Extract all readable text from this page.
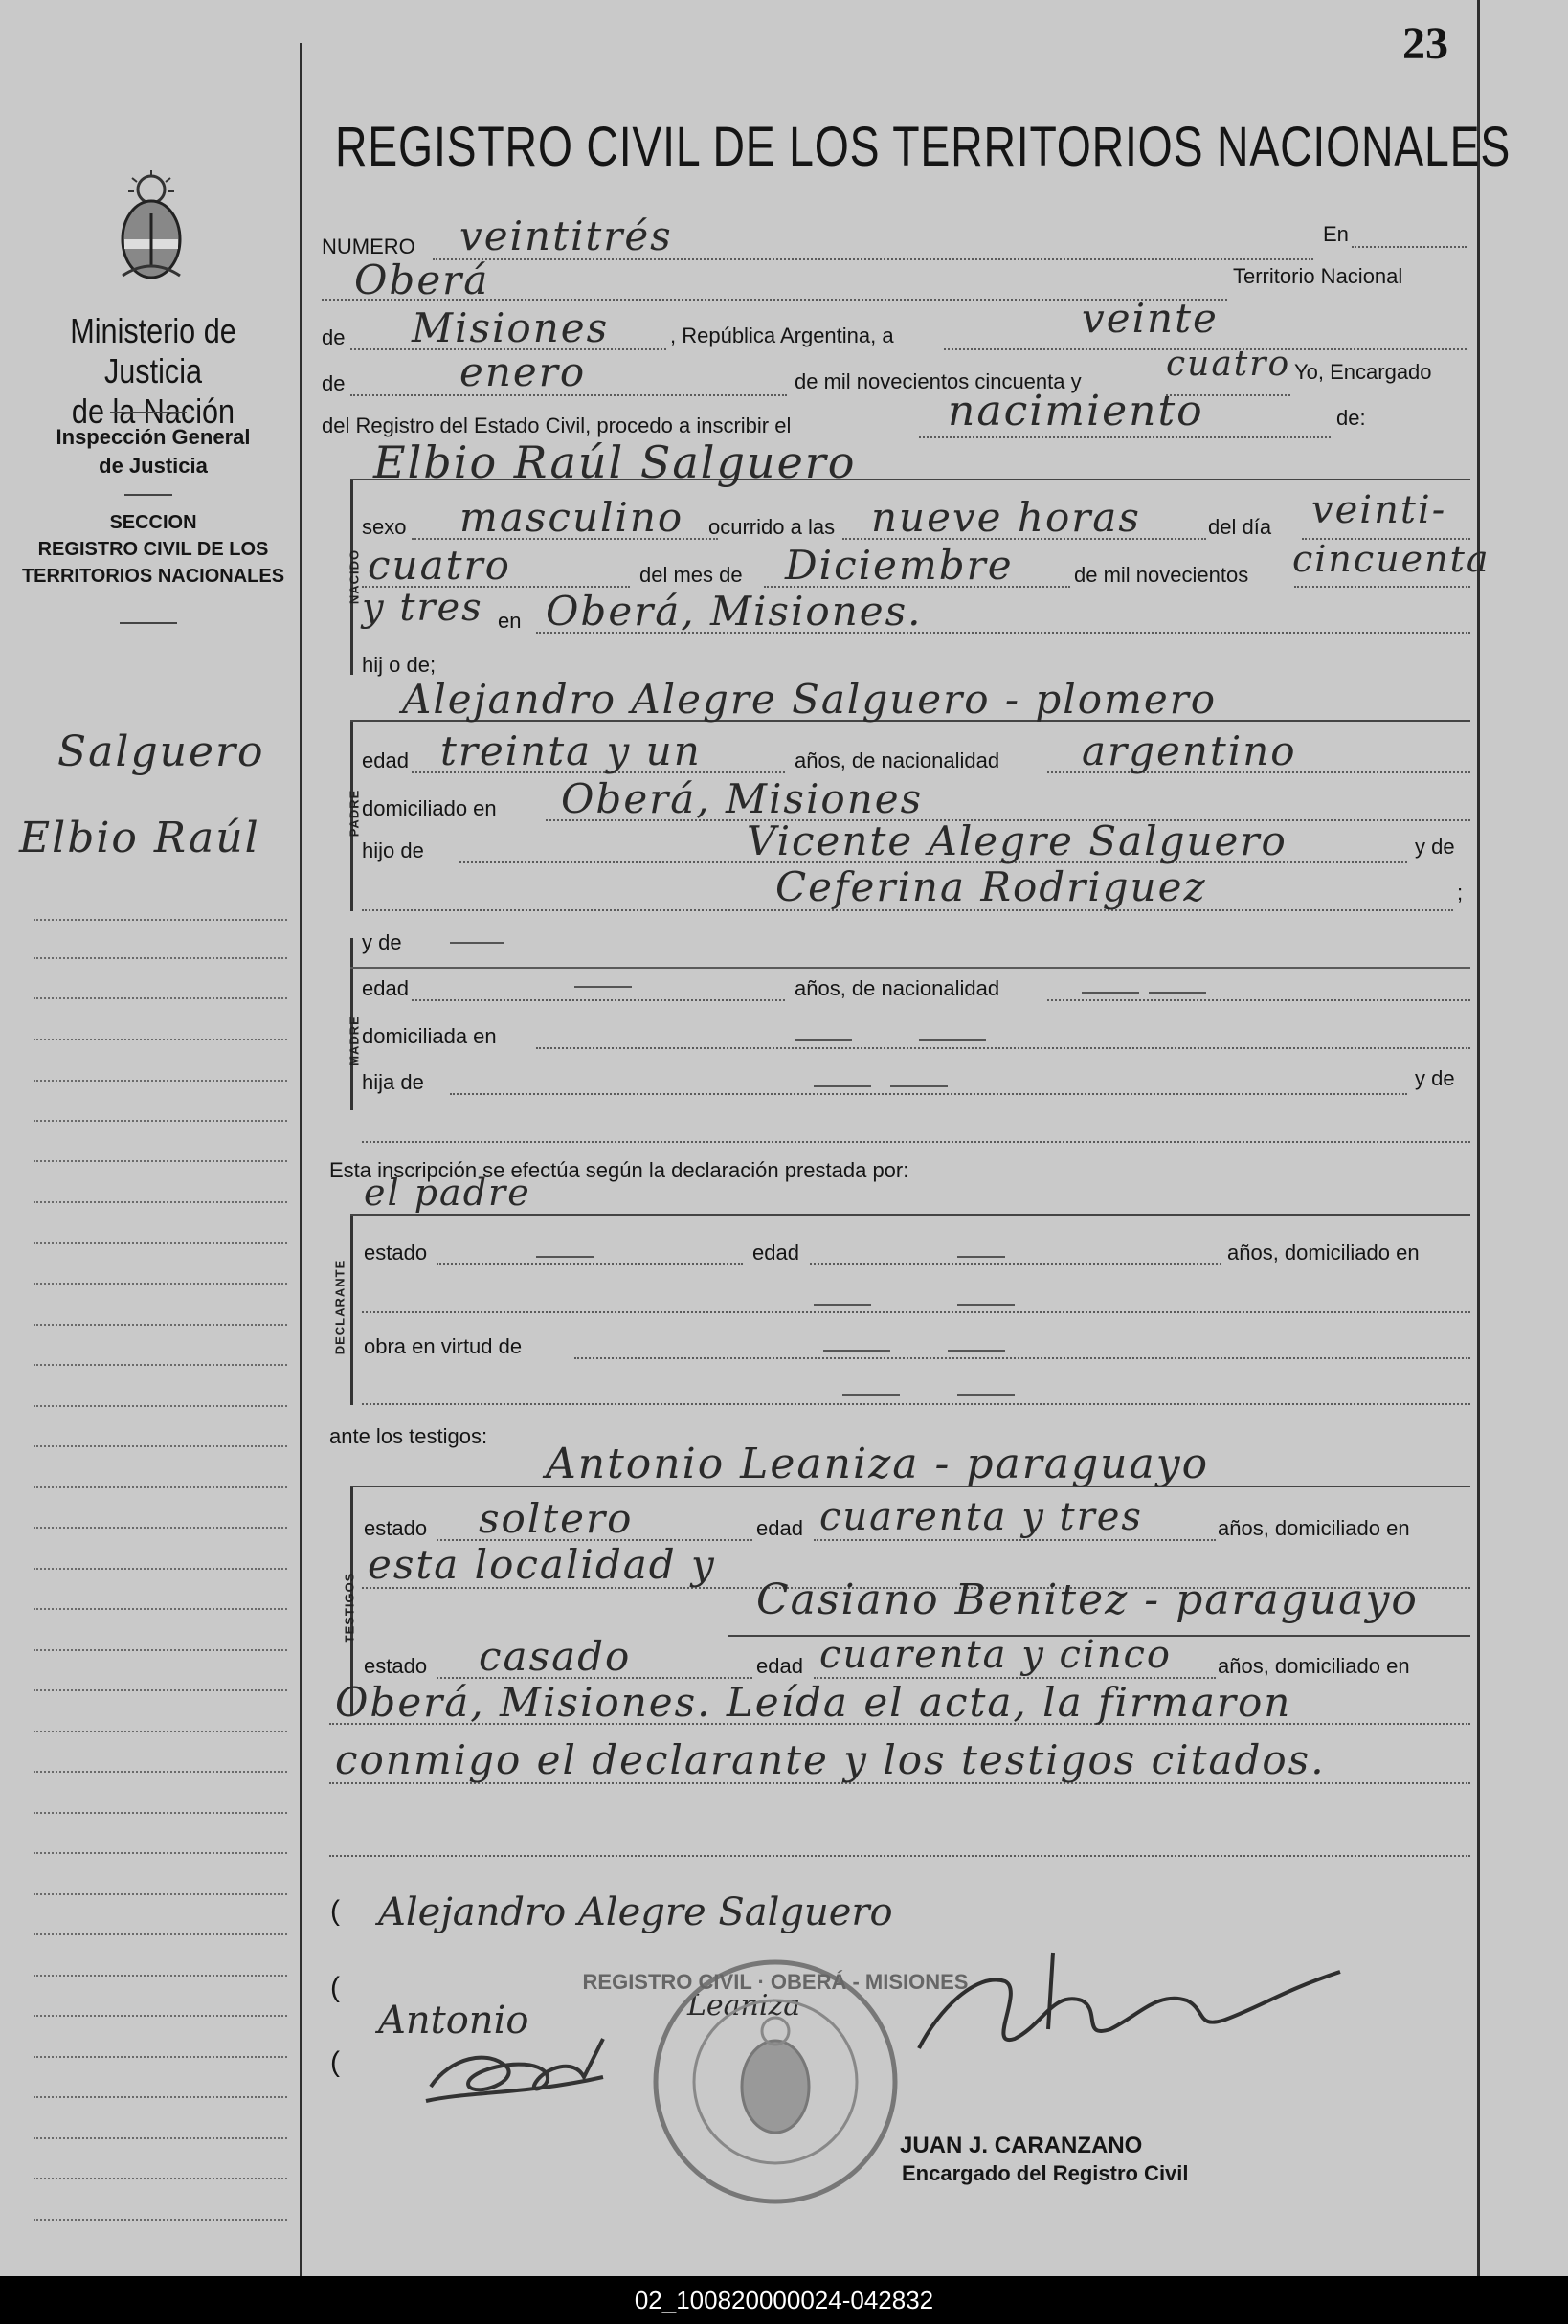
23
REGISTRO CIVIL DE LOS TERRITORIOS NACIONALES
Ministerio de Justicia
de la Nación
Inspección General
de Justicia
SECCION
REGISTRO CIVIL DE LOS
TERRITORIOS NACIONALES
Salguero
Elbio Raúl
NUMERO veintitrés	En
Oberá	Territorio Nacional
de Misiones	, República Argentina, a	veinte
de	enero	de mil novecientos cincuenta y cuatro Yo, Encargado
del Registro del Estado Civil, procedo a inscribir el	nacimiento	de:
NACIDO
Elbio Raúl Salguero
sexo masculino ocurrido a las nueve horas	del día veinti-
cuatro	del mes de Diciembre	de mil novecientos cincuenta
y tres en Oberá, Misiones.
hij o de;
PADRE
Alejandro Alegre Salguero - plomero
edad treinta y un	años, de nacionalidad argentino
domiciliado en Oberá, Misiones
hijo de	Vicente Alegre Salguero	y de
Ceferina Rodriguez	;
MADRE
y de
edad	años, de nacionalidad
domiciliada en
hija de	y de
Esta inscripción se efectúa según la declaración prestada por:
DECLARANTE
el padre
estado	edad	años, domiciliado en
obra en virtud de
ante los testigos:
TESTIGOS
Antonio Leaniza - paraguayo
estado soltero	edad cuarenta y tres	años, domiciliado en
esta localidad y
Casiano Benitez - paraguayo
estado casado	edad cuarenta y cinco años, domiciliado en
Oberá, Misiones. Leída el acta, la firmaron
conmigo el declarante y los testigos citados.
( Alejandro Alegre Salguero
(
Antonio	Leaniza
(
REGISTRO CIVIL · OBERÁ - MISIONES
JUAN J. CARANZANO
Encargado del Registro Civil
02_100820000024-042832
